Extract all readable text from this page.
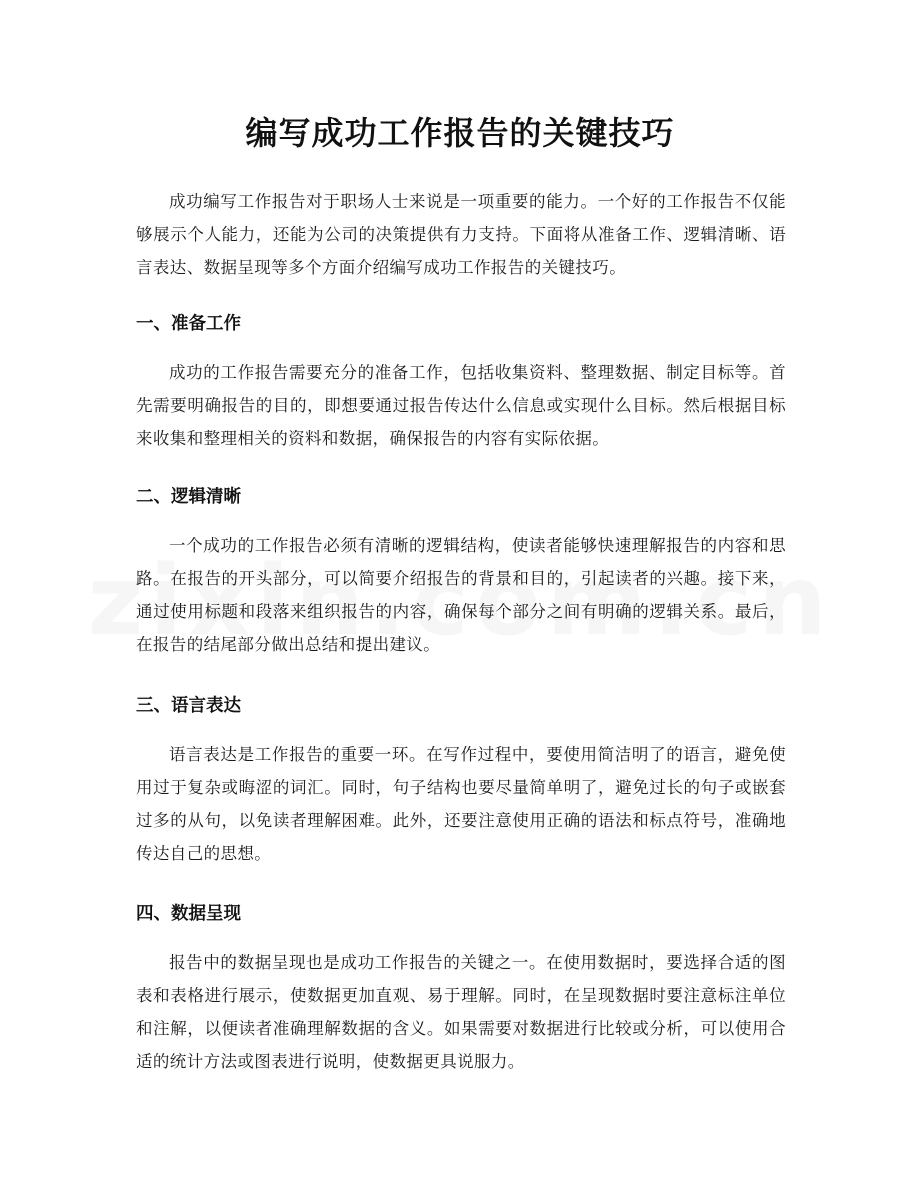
编写成功工作报告的关键技巧

成功编写工作报告对于职场人士来说是一项重要的能力。一个好的工作报告不仅能够展示个人能力，还能为公司的决策提供有力支持。下面将从准备工作、逻辑清晰、语言表达、数据呈现等多个方面介绍编写成功工作报告的关键技巧。

一、准备工作

成功的工作报告需要充分的准备工作，包括收集资料、整理数据、制定目标等。首先需要明确报告的目的，即想要通过报告传达什么信息或实现什么目标。然后根据目标来收集和整理相关的资料和数据，确保报告的内容有实际依据。

二、逻辑清晰

一个成功的工作报告必须有清晰的逻辑结构，使读者能够快速理解报告的内容和思路。在报告的开头部分，可以简要介绍报告的背景和目的，引起读者的兴趣。接下来，通过使用标题和段落来组织报告的内容，确保每个部分之间有明确的逻辑关系。最后，在报告的结尾部分做出总结和提出建议。

三、语言表达

语言表达是工作报告的重要一环。在写作过程中，要使用简洁明了的语言，避免使用过于复杂或晦涩的词汇。同时，句子结构也要尽量简单明了，避免过长的句子或嵌套过多的从句，以免读者理解困难。此外，还要注意使用正确的语法和标点符号，准确地传达自己的思想。

四、数据呈现

报告中的数据呈现也是成功工作报告的关键之一。在使用数据时，要选择合适的图表和表格进行展示，使数据更加直观、易于理解。同时，在呈现数据时要注意标注单位和注解，以便读者准确理解数据的含义。如果需要对数据进行比较或分析，可以使用合适的统计方法或图表进行说明，使数据更具说服力。
